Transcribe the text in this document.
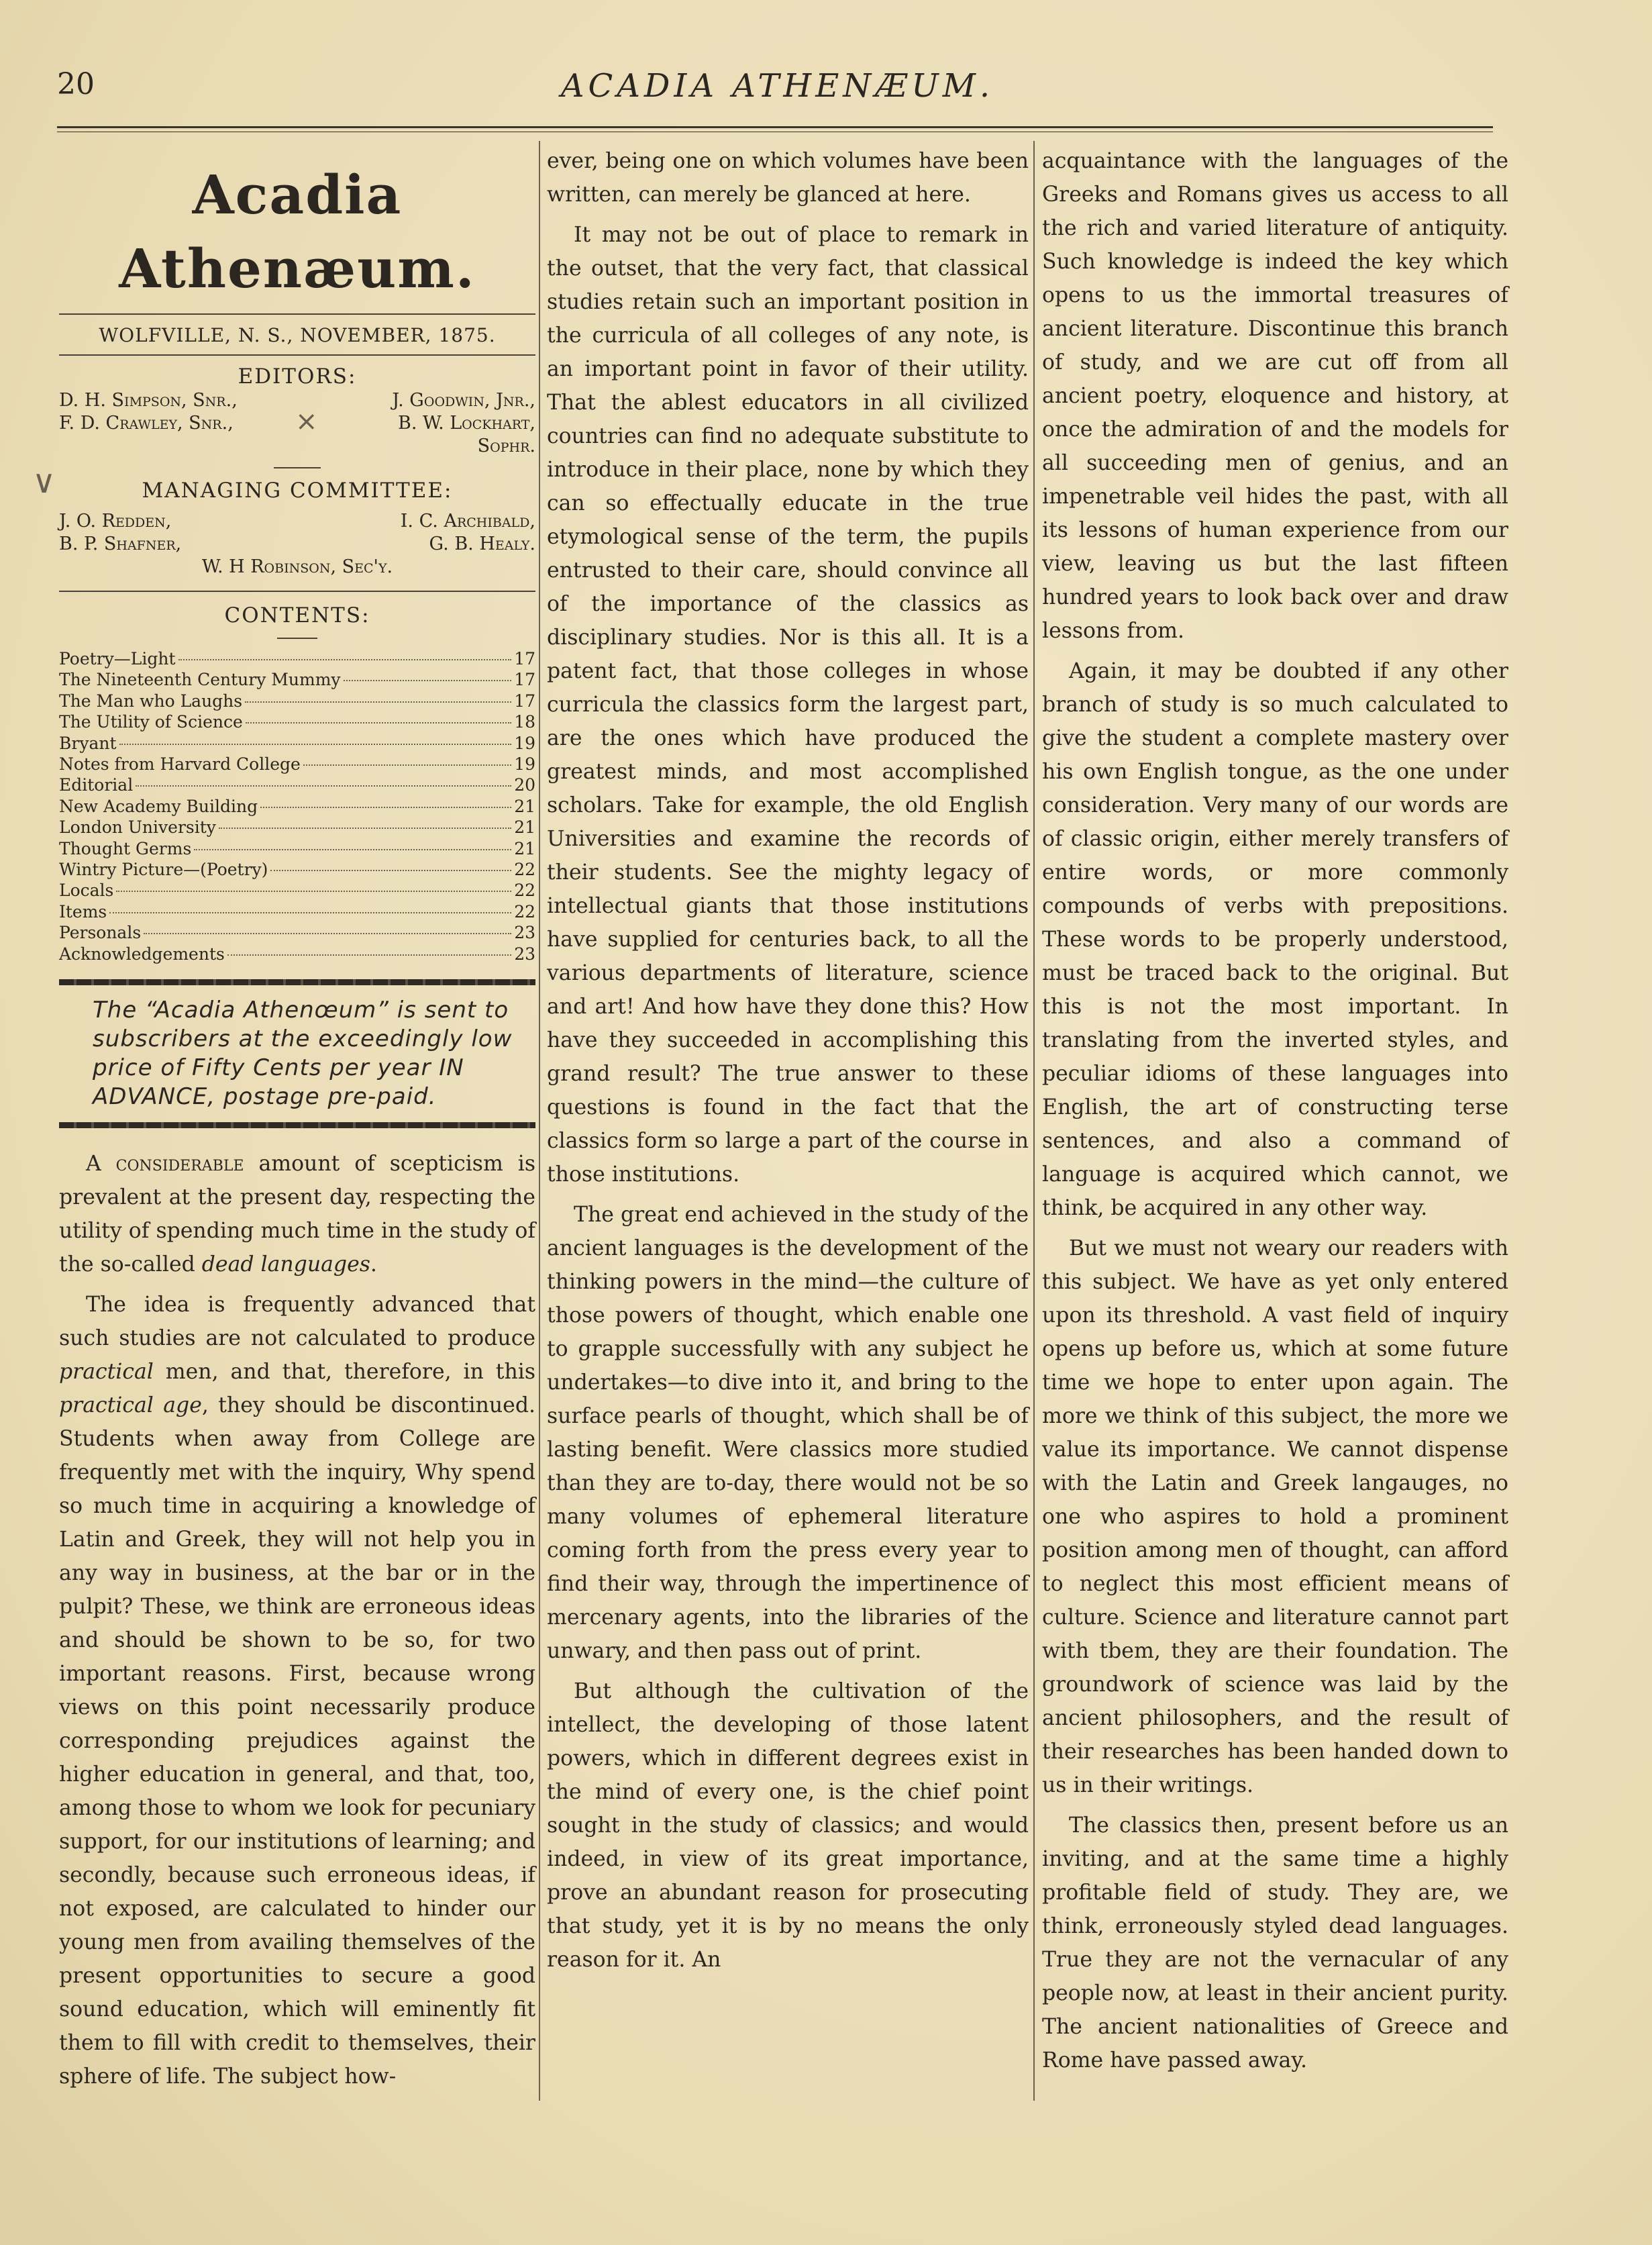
20	ACADIA ATHENÆUM.
Acadia Athenæum.
WOLFVILLE, N. S., NOVEMBER, 1875.
EDITORS:
D. H. Simpson, Snr.,	J. Goodwin, Jnr.,
F. D. Crawley, Snr.,	B. W. Lockhart,
Sophr.
MANAGING COMMITTEE:
J. O. Redden,	I. C. Archibald,
B. P. Shafner,	G. B. Healy.
W. H Robinson, Sec'y.
CONTENTS:
Poetry—Light	17
The Nineteenth Century Mummy	17
The Man who Laughs	17
The Utility of Science	18
Bryant	19
Notes from Harvard College	19
Editorial	20
New Academy Building	21
London University	21
Thought Germs	21
Wintry Picture—(Poetry)	22
Locals	22
Items	22
Personals	23
Acknowledgements	23
The “Acadia Athenœum” is sent to subscribers at the exceedingly low price of Fifty Cents per year IN ADVANCE, postage pre-paid.

A considerable amount of scepticism is prevalent at the present day, respecting the utility of spending much time in the study of the so-called dead languages.

The idea is frequently advanced that such studies are not calculated to produce practical men, and that, therefore, in this practical age, they should be discontinued. Students when away from College are frequently met with the inquiry, Why spend so much time in acquiring a knowledge of Latin and Greek, they will not help you in any way in business, at the bar or in the pulpit? These, we think are erroneous ideas and should be shown to be so, for two important reasons. First, because wrong views on this point necessarily produce corresponding prejudices against the higher education in general, and that, too, among those to whom we look for pecuniary support, for our institutions of learning; and secondly, because such erroneous ideas, if not exposed, are calculated to hinder our young men from availing themselves of the present opportunities to secure a good sound education, which will eminently fit them to fill with credit to themselves, their sphere of life. The subject how-

ever, being one on which volumes have been written, can merely be glanced at here.

It may not be out of place to remark in the outset, that the very fact, that classical studies retain such an important position in the curricula of all colleges of any note, is an important point in favor of their utility. That the ablest educators in all civilized countries can find no adequate substitute to introduce in their place, none by which they can so effectually educate in the true etymological sense of the term, the pupils entrusted to their care, should convince all of the importance of the classics as disciplinary studies. Nor is this all. It is a patent fact, that those colleges in whose curricula the classics form the largest part, are the ones which have produced the greatest minds, and most accomplished scholars. Take for example, the old English Universities and examine the records of their students. See the mighty legacy of intellectual giants that those institutions have supplied for centuries back, to all the various departments of literature, science and art! And how have they done this? How have they succeeded in accomplishing this grand result? The true answer to these questions is found in the fact that the classics form so large a part of the course in those institutions.

The great end achieved in the study of the ancient languages is the development of the thinking powers in the mind—the culture of those powers of thought, which enable one to grapple successfully with any subject he undertakes—to dive into it, and bring to the surface pearls of thought, which shall be of lasting benefit. Were classics more studied than they are to-day, there would not be so many volumes of ephemeral literature coming forth from the press every year to find their way, through the impertinence of mercenary agents, into the libraries of the unwary, and then pass out of print.

But although the cultivation of the intellect, the developing of those latent powers, which in different degrees exist in the mind of every one, is the chief point sought in the study of classics; and would indeed, in view of its great importance, prove an abundant reason for prosecuting that study, yet it is by no means the only reason for it. An

acquaintance with the languages of the Greeks and Romans gives us access to all the rich and varied literature of antiquity. Such knowledge is indeed the key which opens to us the immortal treasures of ancient literature. Discontinue this branch of study, and we are cut off from all ancient poetry, eloquence and history, at once the admiration of and the models for all succeeding men of genius, and an impenetrable veil hides the past, with all its lessons of human experience from our view, leaving us but the last fifteen hundred years to look back over and draw lessons from.

Again, it may be doubted if any other branch of study is so much calculated to give the student a complete mastery over his own English tongue, as the one under consideration. Very many of our words are of classic origin, either merely transfers of entire words, or more commonly compounds of verbs with prepositions. These words to be properly understood, must be traced back to the original. But this is not the most important. In translating from the inverted styles, and peculiar idioms of these languages into English, the art of constructing terse sentences, and also a command of language is acquired which cannot, we think, be acquired in any other way.

But we must not weary our readers with this subject. We have as yet only entered upon its threshold. A vast field of inquiry opens up before us, which at some future time we hope to enter upon again. The more we think of this subject, the more we value its importance. We cannot dispense with the Latin and Greek langauges, no one who aspires to hold a prominent position among men of thought, can afford to neglect this most efficient means of culture. Science and literature cannot part with tbem, they are their foundation. The groundwork of science was laid by the ancient philosophers, and the result of their researches has been handed down to us in their writings.

The classics then, present before us an inviting, and at the same time a highly profitable field of study. They are, we think, erroneously styled dead languages. True they are not the vernacular of any people now, at least in their ancient purity. The ancient nationalities of Greece and Rome have passed away.

∨
×
